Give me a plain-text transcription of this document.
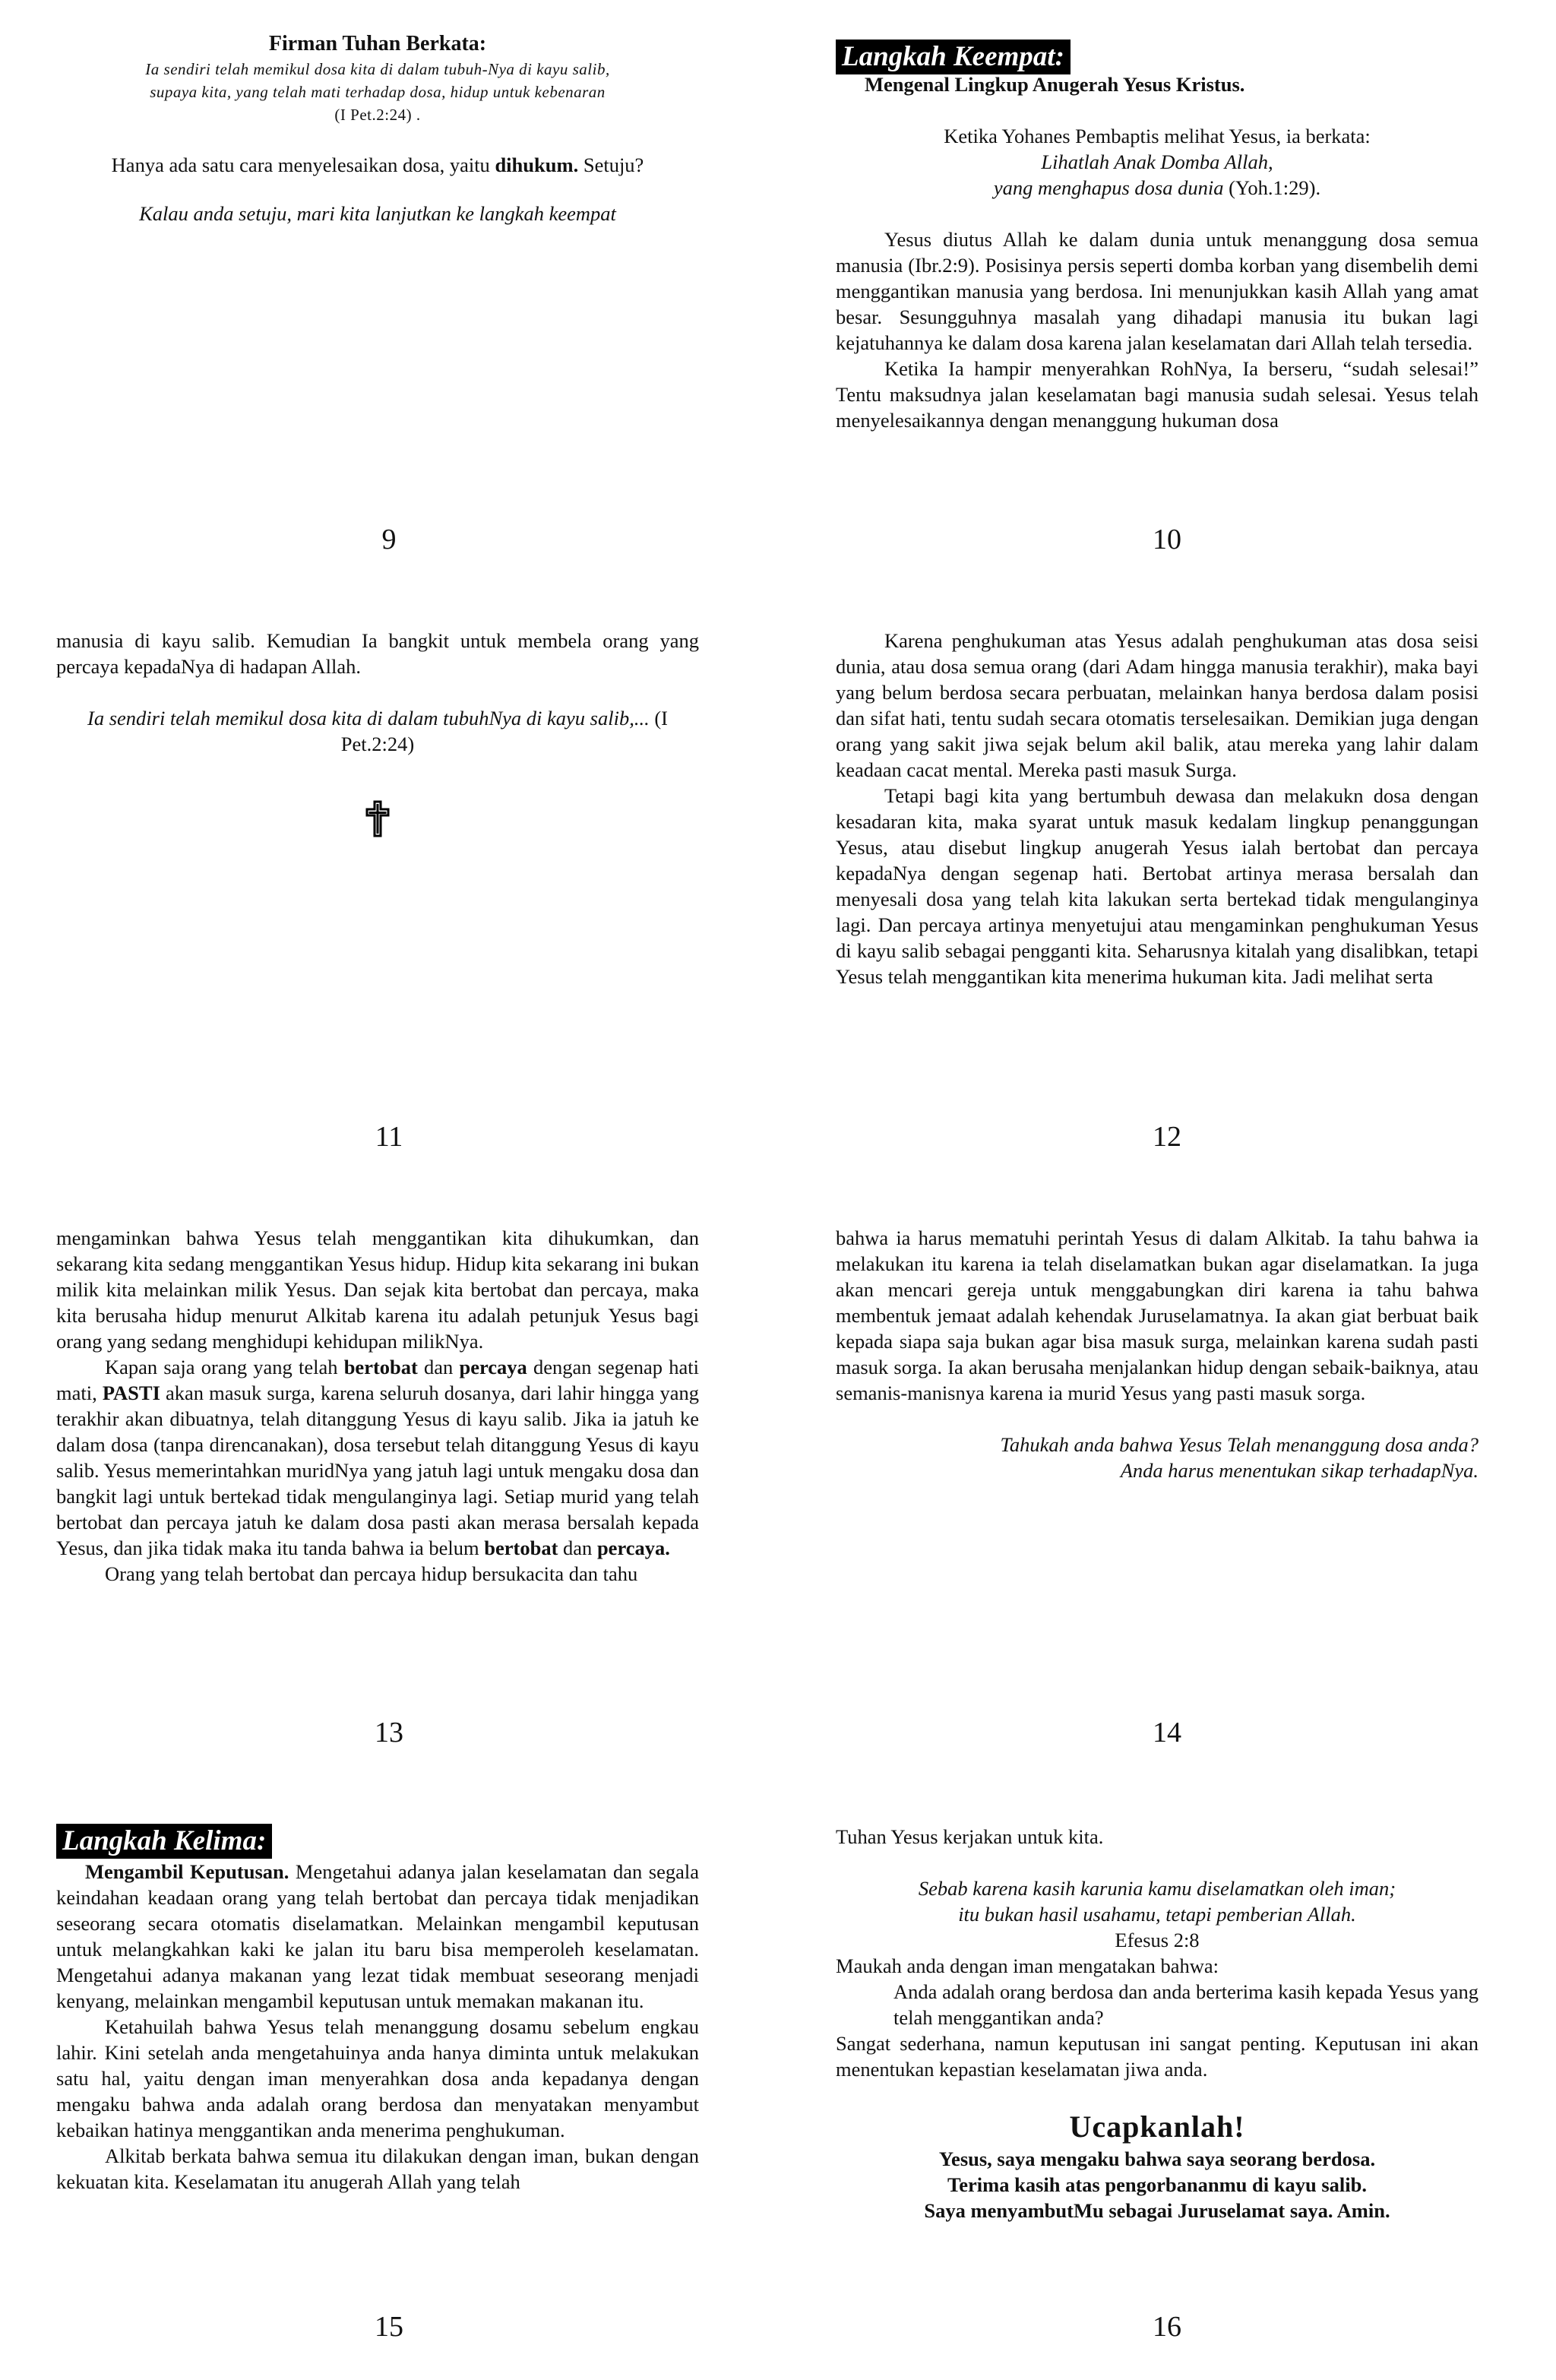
Firman Tuhan Berkata:

Ia sendiri telah memikul dosa kita di dalam tubuh-Nya di kayu salib,

supaya kita, yang telah mati terhadap dosa, hidup untuk kebenaran

(I Pet.2:24) .

Hanya ada satu cara menyelesaikan dosa, yaitu dihukum. Setuju?

Kalau anda setuju, mari kita lanjutkan ke langkah keempat

9
Langkah Keempat:

Mengenal Lingkup Anugerah Yesus Kristus.

Ketika Yohanes Pembaptis melihat Yesus, ia berkata:

Lihatlah Anak Domba Allah,

yang menghapus dosa dunia (Yoh.1:29).

Yesus diutus Allah ke dalam dunia untuk menanggung dosa semua manusia (Ibr.2:9). Posisinya persis seperti domba korban yang disembelih demi menggantikan manusia yang berdosa. Ini menunjukkan kasih Allah yang amat besar. Sesungguhnya masalah yang dihadapi manusia itu bukan lagi kejatuhannya ke dalam dosa karena jalan keselamatan dari Allah telah tersedia.

Ketika Ia hampir menyerahkan RohNya, Ia berseru, “sudah selesai!” Tentu maksudnya jalan keselamatan bagi manusia sudah selesai. Yesus telah menyelesaikannya dengan menanggung hukuman dosa

10

manusia di kayu salib. Kemudian Ia bangkit untuk membela orang yang percaya kepadaNya di hadapan Allah.

Ia sendiri telah memikul dosa kita di dalam tubuhNya di kayu salib,... (I Pet.2:24)

11

Karena penghukuman atas Yesus adalah penghukuman atas dosa seisi dunia, atau dosa semua orang (dari Adam hingga manusia terakhir), maka bayi yang belum berdosa secara perbuatan, melainkan hanya berdosa dalam posisi dan sifat hati, tentu sudah secara otomatis terselesaikan. Demikian juga dengan orang yang sakit jiwa sejak belum akil balik, atau mereka yang lahir dalam keadaan cacat mental. Mereka pasti masuk Surga.

Tetapi bagi kita yang bertumbuh dewasa dan melakukn dosa dengan kesadaran kita, maka syarat untuk masuk kedalam lingkup penanggungan Yesus, atau disebut lingkup anugerah Yesus ialah bertobat dan percaya kepadaNya dengan segenap hati. Bertobat artinya merasa bersalah dan menyesali dosa yang telah kita lakukan serta bertekad tidak mengulanginya lagi. Dan percaya artinya menyetujui atau mengaminkan penghukuman Yesus di kayu salib sebagai pengganti kita. Seharusnya kitalah yang disalibkan, tetapi Yesus telah menggantikan kita menerima hukuman kita. Jadi melihat serta

12

mengaminkan bahwa Yesus telah menggantikan kita dihukumkan, dan sekarang kita sedang menggantikan Yesus hidup. Hidup kita sekarang ini bukan milik kita melainkan milik Yesus. Dan sejak kita bertobat dan percaya, maka kita berusaha hidup menurut Alkitab karena itu adalah petunjuk Yesus bagi orang yang sedang menghidupi kehidupan milikNya.

Kapan saja orang yang telah bertobat dan percaya dengan segenap hati mati, PASTI akan masuk surga, karena seluruh dosanya, dari lahir hingga yang terakhir akan dibuatnya, telah ditanggung Yesus di kayu salib. Jika ia jatuh ke dalam dosa (tanpa direncanakan), dosa tersebut telah ditanggung Yesus di kayu salib. Yesus memerintahkan muridNya yang jatuh lagi untuk mengaku dosa dan bangkit lagi untuk bertekad tidak mengulanginya lagi. Setiap murid yang telah bertobat dan percaya jatuh ke dalam dosa pasti akan merasa bersalah kepada Yesus, dan jika tidak maka itu tanda bahwa ia belum bertobat dan percaya.

Orang yang telah bertobat dan percaya hidup bersukacita dan tahu

13

bahwa ia harus mematuhi perintah Yesus di dalam Alkitab. Ia tahu bahwa ia melakukan itu karena ia telah diselamatkan bukan agar diselamatkan. Ia juga akan mencari gereja untuk menggabungkan diri karena ia tahu bahwa membentuk jemaat adalah kehendak Juruselamatnya. Ia akan giat berbuat baik kepada siapa saja bukan agar bisa masuk surga, melainkan karena sudah pasti masuk sorga. Ia akan berusaha menjalankan hidup dengan sebaik-baiknya, atau semanis-manisnya karena ia murid Yesus yang pasti masuk sorga.

Tahukah anda bahwa Yesus Telah menanggung dosa anda?

Anda harus menentukan sikap terhadapNya.

14
Langkah Kelima:

Mengambil Keputusan. Mengetahui adanya jalan keselamatan dan segala keindahan keadaan orang yang telah bertobat dan percaya tidak menjadikan seseorang secara otomatis diselamatkan. Melainkan mengambil keputusan untuk melangkahkan kaki ke jalan itu baru bisa memperoleh keselamatan. Mengetahui adanya makanan yang lezat tidak membuat seseorang menjadi kenyang, melainkan mengambil keputusan untuk memakan makanan itu.

Ketahuilah bahwa Yesus telah menanggung dosamu sebelum engkau lahir. Kini setelah anda mengetahuinya anda hanya diminta untuk melakukan satu hal, yaitu dengan iman menyerahkan dosa anda kepadanya dengan mengaku bahwa anda adalah orang berdosa dan menyatakan menyambut kebaikan hatinya menggantikan anda menerima penghukuman.

Alkitab berkata bahwa semua itu dilakukan dengan iman, bukan dengan kekuatan kita. Keselamatan itu anugerah Allah yang telah

15

Tuhan Yesus kerjakan untuk kita.

Sebab karena kasih karunia kamu diselamatkan oleh iman;

itu bukan hasil usahamu, tetapi pemberian Allah.

Efesus 2:8

Maukah anda dengan iman mengatakan bahwa:

Anda adalah orang berdosa dan anda berterima kasih kepada Yesus yang telah menggantikan anda?

Sangat sederhana, namun keputusan ini sangat penting. Keputusan ini akan menentukan kepastian keselamatan jiwa anda.

Ucapkanlah!

Yesus, saya mengaku bahwa saya seorang berdosa.

Terima kasih atas pengorbananmu di kayu salib.

Saya menyambutMu sebagai Juruselamat saya. Amin.

16
